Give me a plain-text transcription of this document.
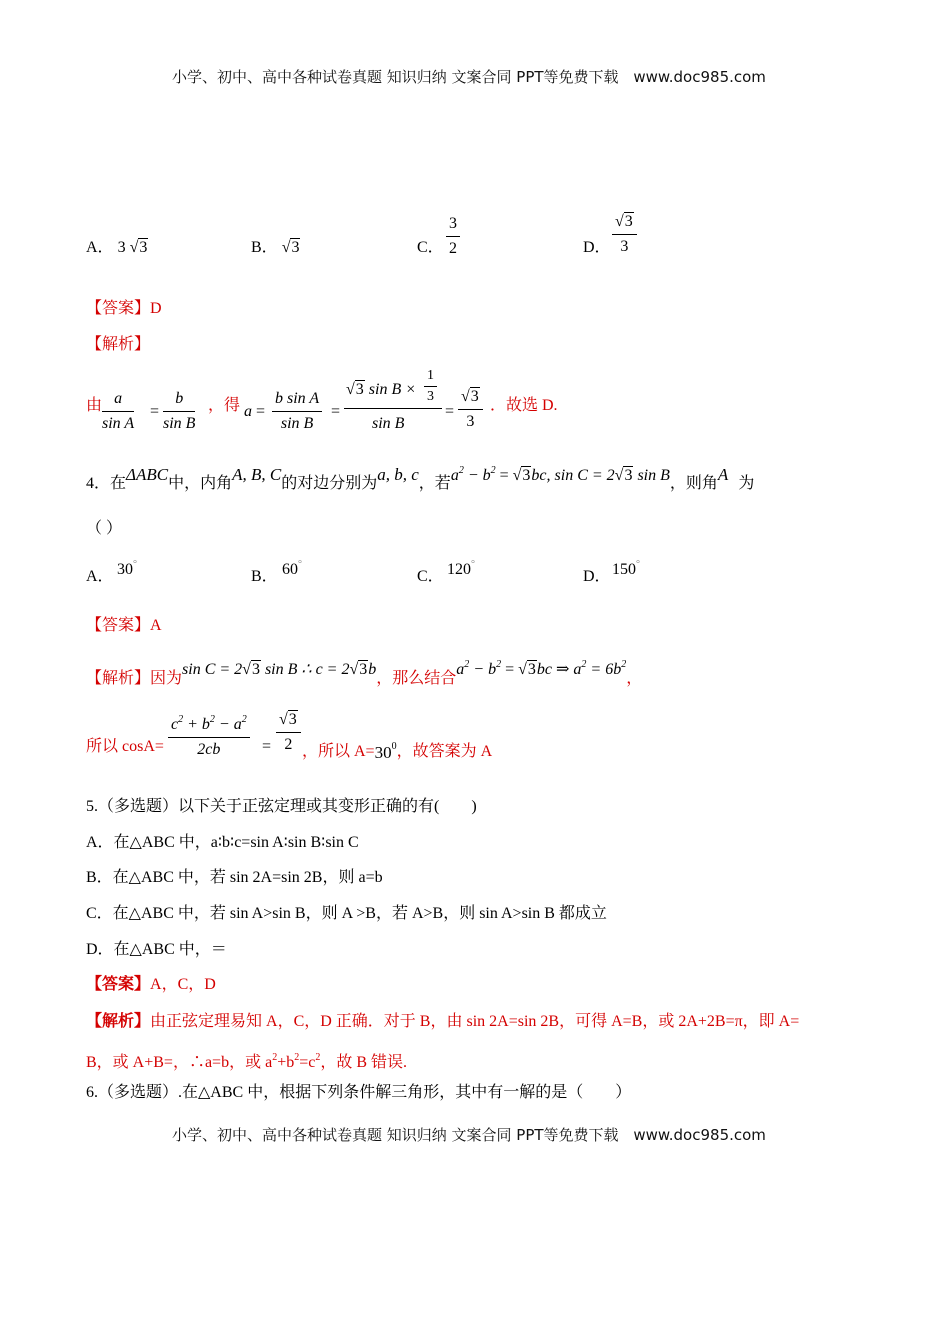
小学、初中、高中各种试卷真题 知识归纳 文案合同 PPT等免费下载 www.doc985.com
A． 3 √3	B． √3	C．
3
2	D．
√3
3
【答案】D
【解析】
由 a
sin A
=
b
sin B
，得 a =
b sin A
sin B
=
√3 sin B ×
1
3
sin B
=
√3
3
．故选 D.
4．在ΔABC中，内角A, B, C的对边分别为a, b, c，若$a^2 - b^2 = √3bc$, sin C = 2√3 sin B，则角A 为
（ ）
A． 30°
B． 60°
C． 120°
D． 150°
【答案】A
【解析】因为sin C = 2√3 sin B ∴ c = 2√3b，那么结合$a^2 - b^2 = √3bc$ ⇒ $a^2 = 6b^2$，
所以 cosA=
$c^2 + b^2 - a^2$
2cb	=
√3
2 ，所以 $A=30^0$，故答案为 A
5.（多选题）以下关于正弦定理或其变形正确的有(　　)
A．在△ABC 中，a∶b∶c=sin A∶sin B∶sin C
B．在△ABC 中，若 sin 2A=sin 2B，则 a=b
C．在△ABC 中，若 sin A>sin B，则 A >B，若 A>B，则 sin A>sin B 都成立
D．在△ABC 中，＝
【答案】A，C，D
【解析】由正弦定理易知 A，C，D 正确．对于 B，由 sin 2A=sin 2B，可得 A=B，或 2A+2B=π，即 A=
B，或 A+B=，∴a=b，或 $a^2+b^2=c^2$，故 B 错误.
6.（多选题）.在△ABC 中，根据下列条件解三角形，其中有一解的是（　　）
小学、初中、高中各种试卷真题 知识归纳 文案合同 PPT等免费下载 www.doc985.com
